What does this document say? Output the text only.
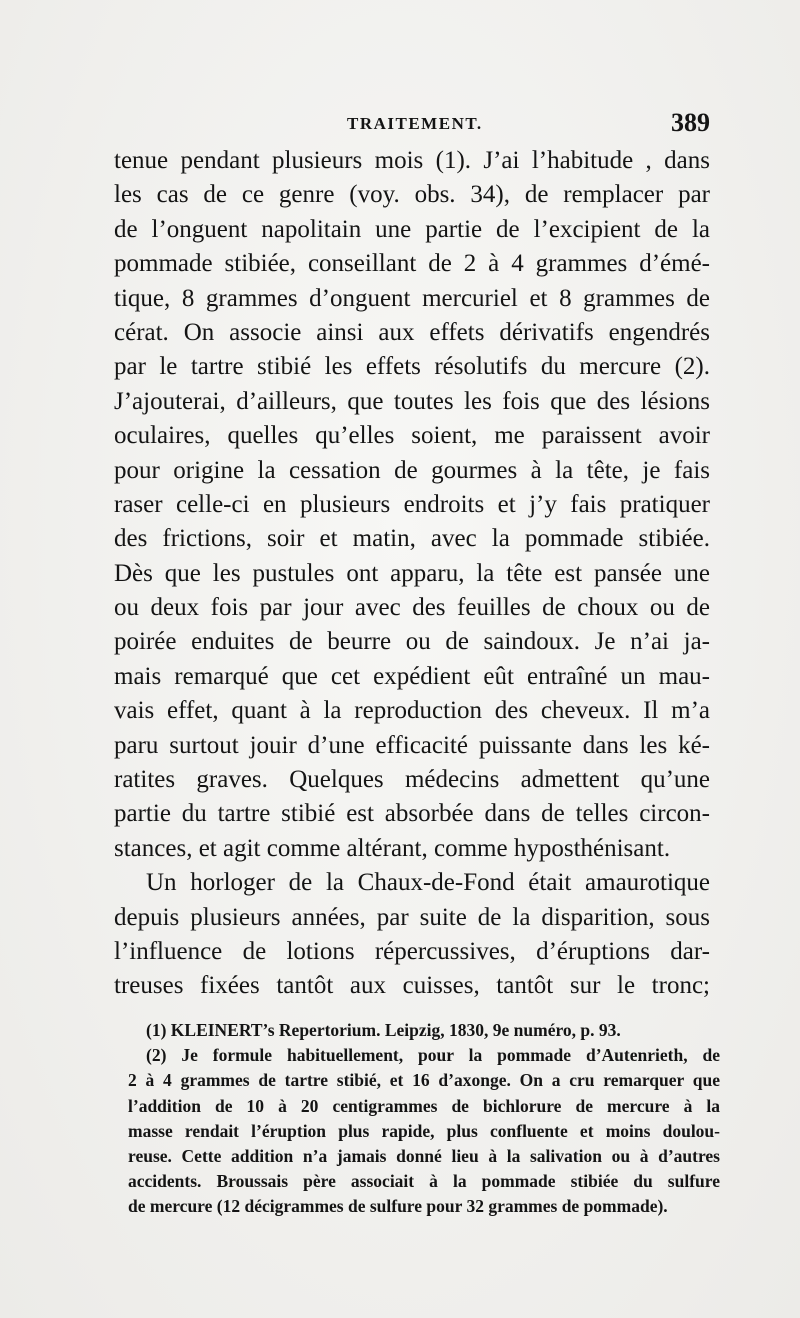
TRAITEMENT.	389
tenue pendant plusieurs mois (1). J’ai l’habitude , dans
les cas de ce genre (voy. obs. 34), de remplacer par
de l’onguent napolitain une partie de l’excipient de la
pommade stibiée, conseillant de 2 à 4 grammes d’émé-
tique, 8 grammes d’onguent mercuriel et 8 grammes de
cérat. On associe ainsi aux effets dérivatifs engendrés
par le tartre stibié les effets résolutifs du mercure (2).
J’ajouterai, d’ailleurs, que toutes les fois que des lésions
oculaires, quelles qu’elles soient, me paraissent avoir
pour origine la cessation de gourmes à la tête, je fais
raser celle-ci en plusieurs endroits et j’y fais pratiquer
des frictions, soir et matin, avec la pommade stibiée.
Dès que les pustules ont apparu, la tête est pansée une
ou deux fois par jour avec des feuilles de choux ou de
poirée enduites de beurre ou de saindoux. Je n’ai ja-
mais remarqué que cet expédient eût entraîné un mau-
vais effet, quant à la reproduction des cheveux. Il m’a
paru surtout jouir d’une efficacité puissante dans les ké-
ratites graves. Quelques médecins admettent qu’une
partie du tartre stibié est absorbée dans de telles circon-
stances, et agit comme altérant, comme hyposthénisant.
Un horloger de la Chaux-de-Fond était amaurotique
depuis plusieurs années, par suite de la disparition, sous
l’influence de lotions répercussives, d’éruptions dar-
treuses fixées tantôt aux cuisses, tantôt sur le tronc;
(1) KLEINERT’s Repertorium. Leipzig, 1830, 9e numéro, p. 93.
(2) Je formule habituellement, pour la pommade d’Autenrieth, de
2 à 4 grammes de tartre stibié, et 16 d’axonge. On a cru remarquer que
l’addition de 10 à 20 centigrammes de bichlorure de mercure à la
masse rendait l’éruption plus rapide, plus confluente et moins doulou-
reuse. Cette addition n’a jamais donné lieu à la salivation ou à d’autres
accidents. Broussais père associait à la pommade stibiée du sulfure
de mercure (12 décigrammes de sulfure pour 32 grammes de pommade).
